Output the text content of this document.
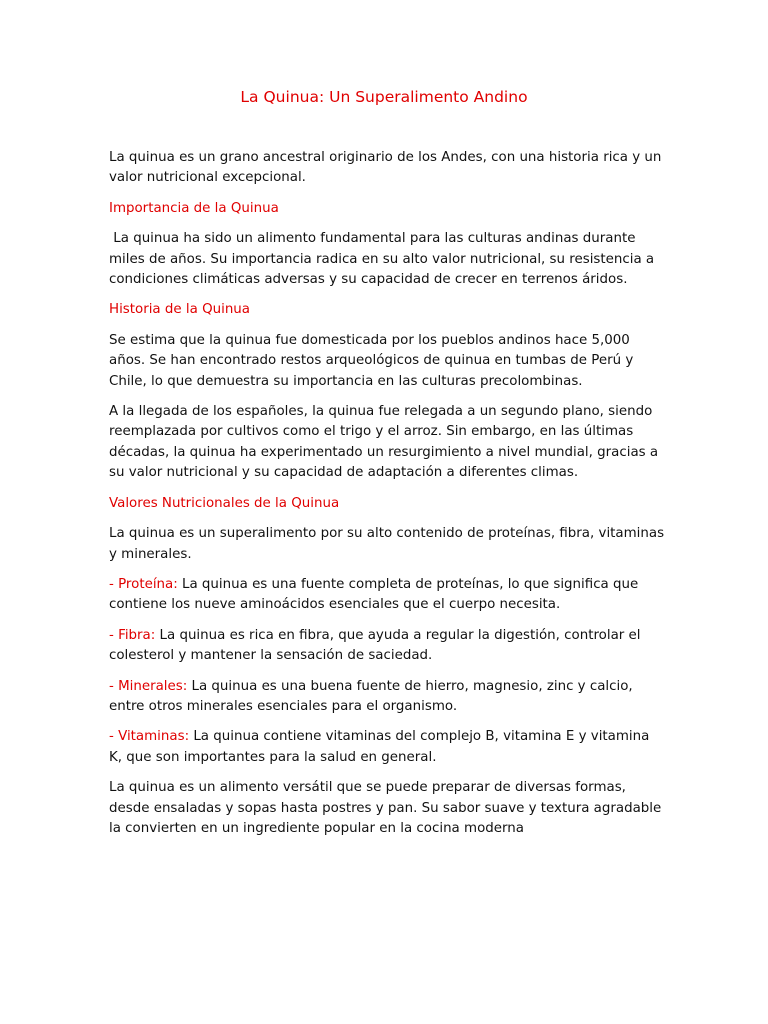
La Quinua: Un Superalimento Andino

La quinua es un grano ancestral originario de los Andes, con una historia rica y un valor nutricional excepcional.

Importancia de la Quinua

La quinua ha sido un alimento fundamental para las culturas andinas durante miles de años. Su importancia radica en su alto valor nutricional, su resistencia a condiciones climáticas adversas y su capacidad de crecer en terrenos áridos.

Historia de la Quinua

Se estima que la quinua fue domesticada por los pueblos andinos hace 5,000 años. Se han encontrado restos arqueológicos de quinua en tumbas de Perú y Chile, lo que demuestra su importancia en las culturas precolombinas.

A la llegada de los españoles, la quinua fue relegada a un segundo plano, siendo reemplazada por cultivos como el trigo y el arroz. Sin embargo, en las últimas décadas, la quinua ha experimentado un resurgimiento a nivel mundial, gracias a su valor nutricional y su capacidad de adaptación a diferentes climas.

Valores Nutricionales de la Quinua

La quinua es un superalimento por su alto contenido de proteínas, fibra, vitaminas y minerales.

- Proteína: La quinua es una fuente completa de proteínas, lo que significa que contiene los nueve aminoácidos esenciales que el cuerpo necesita.

- Fibra: La quinua es rica en fibra, que ayuda a regular la digestión, controlar el colesterol y mantener la sensación de saciedad.

- Minerales: La quinua es una buena fuente de hierro, magnesio, zinc y calcio, entre otros minerales esenciales para el organismo.

- Vitaminas: La quinua contiene vitaminas del complejo B, vitamina E y vitamina K, que son importantes para la salud en general.

La quinua es un alimento versátil que se puede preparar de diversas formas, desde ensaladas y sopas hasta postres y pan. Su sabor suave y textura agradable la convierten en un ingrediente popular en la cocina moderna
